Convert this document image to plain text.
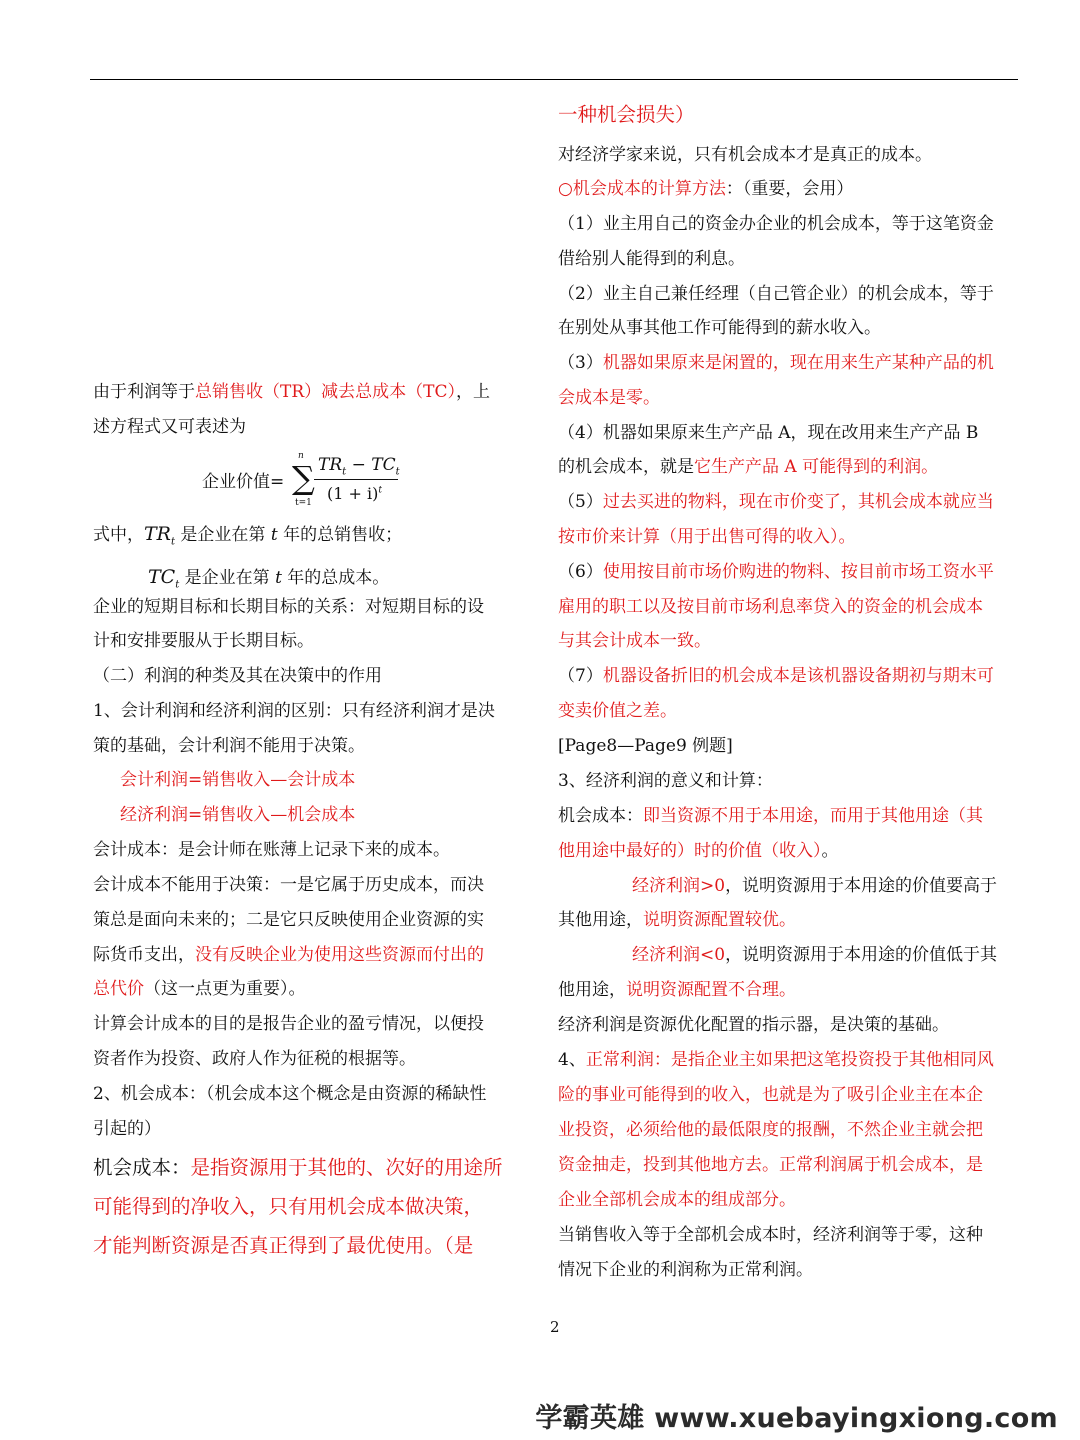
由于利润等于总销售收（TR）减去总成本（TC），上
述方程式又可表述为
企业价值=
n
∑
t=1
$TR_t - TC_t$
$(1 + i)^t$
式中，$TR_t$ 是企业在第 t 年的总销售收；
$TC_t$ 是企业在第 t 年的总成本。
企业的短期目标和长期目标的关系：对短期目标的设
计和安排要服从于长期目标。
（二）利润的种类及其在决策中的作用
1、会计利润和经济利润的区别：只有经济利润才是决
策的基础，会计利润不能用于决策。
会计利润=销售收入—会计成本
经济利润=销售收入—机会成本
会计成本：是会计师在账薄上记录下来的成本。
会计成本不能用于决策：一是它属于历史成本，而决
策总是面向未来的；二是它只反映使用企业资源的实
际货币支出，没有反映企业为使用这些资源而付出的
总代价（这一点更为重要）。
计算会计成本的目的是报告企业的盈亏情况，以便投
资者作为投资、政府人作为征税的根据等。
2、机会成本：（机会成本这个概念是由资源的稀缺性
引起的）
机会成本：是指资源用于其他的、次好的用途所
可能得到的净收入，只有用机会成本做决策，
才能判断资源是否真正得到了最优使用。（是
一种机会损失）
对经济学家来说，只有机会成本才是真正的成本。
○机会成本的计算方法：（重要，会用）
（1）业主用自己的资金办企业的机会成本，等于这笔资金
借给别人能得到的利息。
（2）业主自己兼任经理（自己管企业）的机会成本，等于
在别处从事其他工作可能得到的薪水收入。
（3）机器如果原来是闲置的，现在用来生产某种产品的机
会成本是零。
（4）机器如果原来生产产品 A，现在改用来生产产品 B
的机会成本，就是它生产产品 A 可能得到的利润。
（5）过去买进的物料，现在市价变了，其机会成本就应当
按市价来计算（用于出售可得的收入）。
（6）使用按目前市场价购进的物料、按目前市场工资水平
雇用的职工以及按目前市场利息率贷入的资金的机会成本
与其会计成本一致。
（7）机器设备折旧的机会成本是该机器设备期初与期末可
变卖价值之差。
[Page8—Page9 例题]
3、经济利润的意义和计算：
机会成本：即当资源不用于本用途，而用于其他用途（其
他用途中最好的）时的价值（收入）。
经济利润>0，说明资源用于本用途的价值要高于
其他用途，说明资源配置较优。
经济利润<0，说明资源用于本用途的价值低于其
他用途，说明资源配置不合理。
经济利润是资源优化配置的指示器，是决策的基础。
4、正常利润：是指企业主如果把这笔投资投于其他相同风
险的事业可能得到的收入，也就是为了吸引企业主在本企
业投资，必须给他的最低限度的报酬，不然企业主就会把
资金抽走，投到其他地方去。正常利润属于机会成本，是
企业全部机会成本的组成部分。
当销售收入等于全部机会成本时，经济利润等于零，这种
情况下企业的利润称为正常利润。
2
学霸英雄 www.xuebayingxiong.com
